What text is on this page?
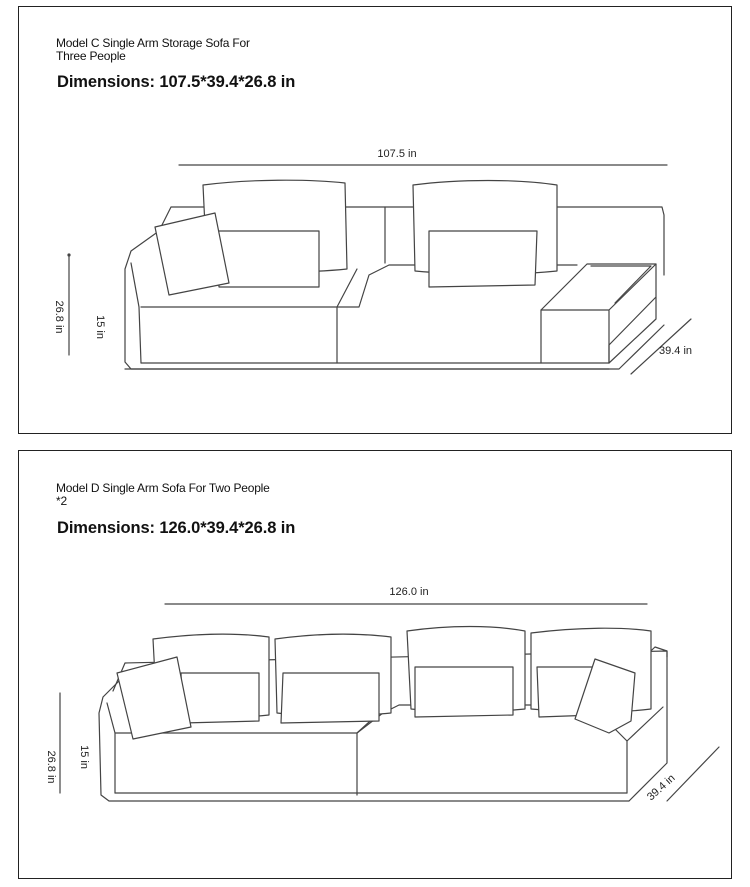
Model C Single Arm Storage Sofa For Three People
Dimensions: 107.5*39.4*26.8 in
107.5 in
26.8 in	15 in
39.4 in
Model D Single Arm Sofa For Two People *2
Dimensions: 126.0*39.4*26.8 in
126.0 in
26.8 in 15 in
39.4 in
